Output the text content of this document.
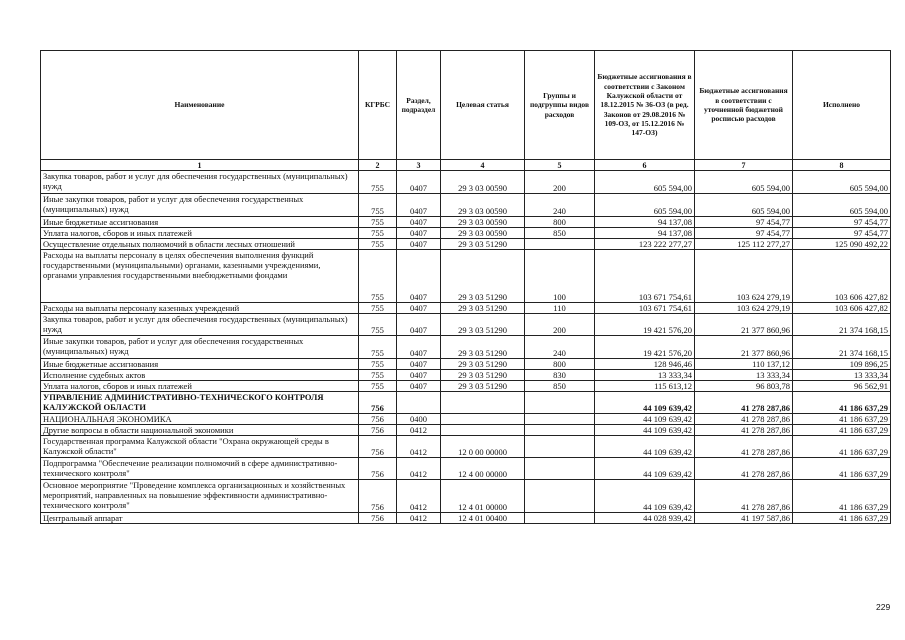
Наименование	КГРБС	Раздел, подраздел	Целевая статья	Группы и подгруппы видов расходов	Бюджетные ассигнования в соответствии с Законом Калужской области от 18.12.2015 № 36-ОЗ (в ред. Законов от 29.08.2016 № 109-ОЗ, от 15.12.2016 № 147-ОЗ)	Бюджетные ассигнования в соответствии с уточненной бюджетной росписью расходов	Исполнено
1	2	3	4	5	6	7	8
Закупка товаров, работ и услуг для обеспечения государственных (муниципальных) нужд	755	0407	29 3 03 00590	200	605 594,00	605 594,00	605 594,00
Иные закупки товаров, работ и услуг для обеспечения государственных (муниципальных) нужд	755	0407	29 3 03 00590	240	605 594,00	605 594,00	605 594,00
Иные бюджетные ассигнования	755	0407	29 3 03 00590	800	94 137,08	97 454,77	97 454,77
Уплата налогов, сборов и иных платежей	755	0407	29 3 03 00590	850	94 137,08	97 454,77	97 454,77
Осуществление отдельных полномочий в области лесных отношений	755	0407	29 3 03 51290		123 222 277,27	125 112 277,27	125 090 492,22
Расходы на выплаты персоналу в целях обеспечения выполнения функций государственными (муниципальными) органами, казенными учреждениями, органами управления государственными внебюджетными фондами	755	0407	29 3 03 51290	100	103 671 754,61	103 624 279,19	103 606 427,82
Расходы на выплаты персоналу казенных учреждений	755	0407	29 3 03 51290	110	103 671 754,61	103 624 279,19	103 606 427,82
Закупка товаров, работ и услуг для обеспечения государственных (муниципальных) нужд	755	0407	29 3 03 51290	200	19 421 576,20	21 377 860,96	21 374 168,15
Иные закупки товаров, работ и услуг для обеспечения государственных (муниципальных) нужд	755	0407	29 3 03 51290	240	19 421 576,20	21 377 860,96	21 374 168,15
Иные бюджетные ассигнования	755	0407	29 3 03 51290	800	128 946,46	110 137,12	109 896,25
Исполнение судебных актов	755	0407	29 3 03 51290	830	13 333,34	13 333,34	13 333,34
Уплата налогов, сборов и иных платежей	755	0407	29 3 03 51290	850	115 613,12	96 803,78	96 562,91
УПРАВЛЕНИЕ АДМИНИСТРАТИВНО-ТЕХНИЧЕСКОГО КОНТРОЛЯ КАЛУЖСКОЙ ОБЛАСТИ	756				44 109 639,42	41 278 287,86	41 186 637,29
НАЦИОНАЛЬНАЯ ЭКОНОМИКА	756	0400			44 109 639,42	41 278 287,86	41 186 637,29
Другие вопросы в области национальной экономики	756	0412			44 109 639,42	41 278 287,86	41 186 637,29
Государственная программа Калужской области "Охрана окружающей среды в Калужской области"	756	0412	12 0 00 00000		44 109 639,42	41 278 287,86	41 186 637,29
Подпрограмма "Обеспечение реализации полномочий в сфере административно-технического контроля"	756	0412	12 4 00 00000		44 109 639,42	41 278 287,86	41 186 637,29
Основное мероприятие "Проведение комплекса организационных и хозяйственных мероприятий, направленных на повышение эффективности административно-технического контроля"	756	0412	12 4 01 00000		44 109 639,42	41 278 287,86	41 186 637,29
Центральный аппарат	756	0412	12 4 01 00400		44 028 939,42	41 197 587,86	41 186 637,29
229
